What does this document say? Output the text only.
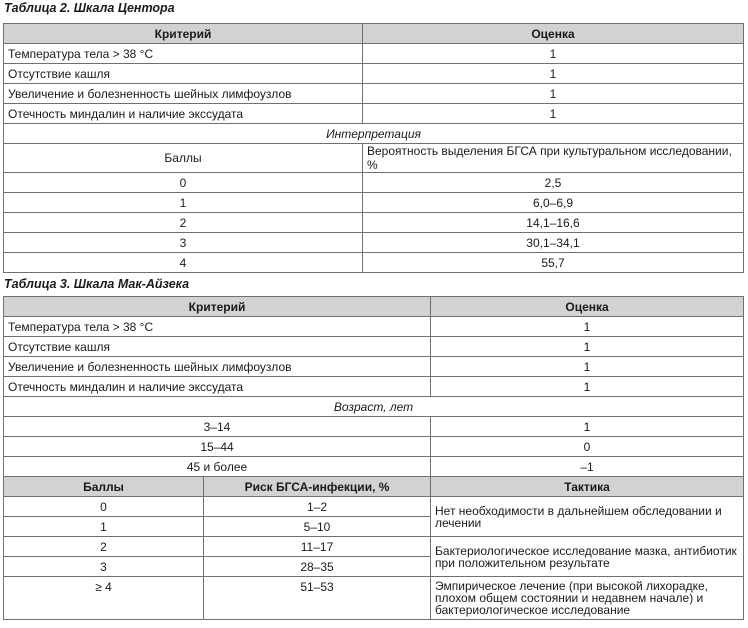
Таблица 2. Шкала Центора
Критерий	Оценка
Температура тела > 38 °C	1
Отсутствие кашля	1
Увеличение и болезненность шейных лимфоузлов	1
Отечность миндалин и наличие экссудата	1
Интерпретация	
Баллы	Вероятность выделения БГСА при культуральном исследовании, %
0	2,5
1	6,0–6,9
2	14,1–16,6
3	30,1–34,1
4	55,7
Таблица 3. Шкала Мак-Айзека
Критерий		Оценка
Температура тела > 38 °C		1
Отсутствие кашля		1
Увеличение и болезненность шейных лимфоузлов		1
Отечность миндалин и наличие экссудата		1
Возраст, лет		
3–14		1
15–44		0
45 и более		–1
Баллы	Риск БГСА-инфекции, %	Тактика
0	1–2	Нет необходимости в дальнейшем обследовании и лечении
1	5–10	
2	11–17	Бактериологическое исследование мазка, антибиотик при положительном результате
3	28–35	
≥ 4	51–53	Эмпирическое лечение (при высокой лихорадке, плохом общем состоянии и недавнем начале) и бактериологическое исследование
